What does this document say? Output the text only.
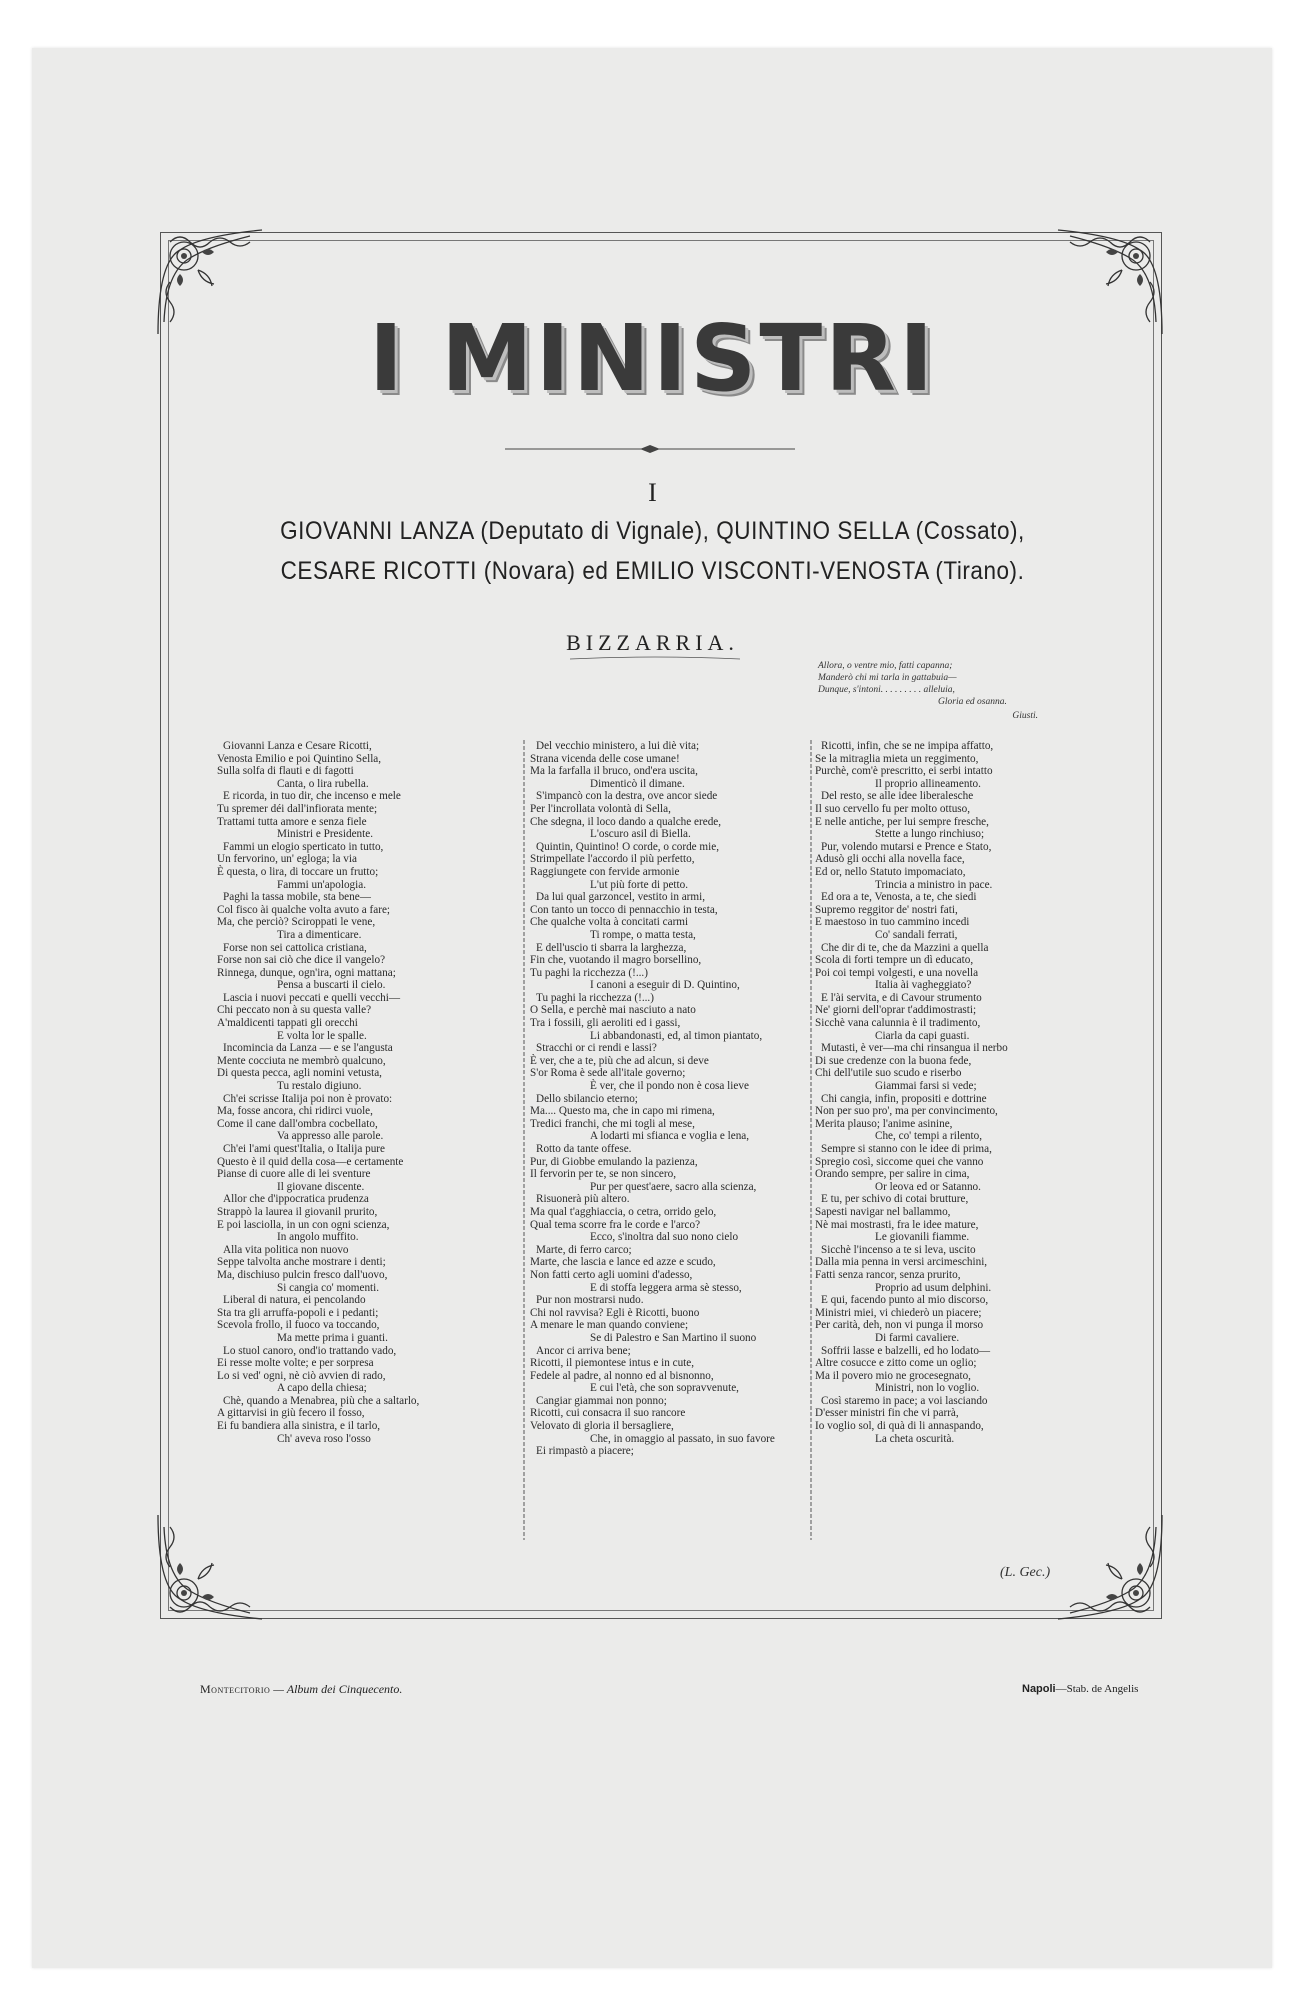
I MINISTRI
I
GIOVANNI LANZA (Deputato di Vignale), QUINTINO SELLA (Cossato),
CESARE RICOTTI (Novara) ed EMILIO VISCONTI-VENOSTA (Tirano).
BIZZARRIA.
Allora, o ventre mio, fatti capanna;
Manderò chi mi tarla in gattabuia—
Dunque, s'intoni. . . . . . . . . alleluia,
Gloria ed osanna.
Giusti.

Giovanni Lanza e Cesare Ricotti,

Venosta Emilio e poi Quintino Sella,

Sulla solfa di flauti e di fagotti

Canta, o lira rubella.

E ricorda, in tuo dir, che incenso e mele

Tu spremer déi dall'infiorata mente;

Trattami tutta amore e senza fiele

Ministri e Presidente.

Fammi un elogio sperticato in tutto,

Un fervorino, un' egloga; la via

È questa, o lira, di toccare un frutto;

Fammi un'apologia.

Paghi la tassa mobile, sta bene—

Col fisco ài qualche volta avuto a fare;

Ma, che perciò? Sciroppati le vene,

Tira a dimenticare.

Forse non sei cattolica cristiana,

Forse non sai ciò che dice il vangelo?

Rinnega, dunque, ogn'ira, ogni mattana;

Pensa a buscarti il cielo.

Lascia i nuovi peccati e quelli vecchi—

Chi peccato non à su questa valle?

A'maldicenti tappati gli orecchi

E volta lor le spalle.

Incomincia da Lanza — e se l'angusta

Mente cocciuta ne membrò qualcuno,

Di questa pecca, agli nomini vetusta,

Tu restalo digiuno.

Ch'ei scrisse Italija poi non è provato:

Ma, fosse ancora, chi ridirci vuole,

Come il cane dall'ombra cocbellato,

Va appresso alle parole.

Ch'ei l'ami quest'Italia, o Italija pure

Questo è il quid della cosa—e certamente

Pianse di cuore alle di lei sventure

Il giovane discente.

Allor che d'ippocratica prudenza

Strappò la laurea il giovanil prurito,

E poi lasciolla, in un con ogni scienza,

In angolo muffito.

Alla vita politica non nuovo

Seppe talvolta anche mostrare i denti;

Ma, dischiuso pulcin fresco dall'uovo,

Si cangia co' momenti.

Liberal di natura, ei pencolando

Sta tra gli arruffa-popoli e i pedanti;

Scevola frollo, il fuoco va toccando,

Ma mette prima i guanti.

Lo stuol canoro, ond'io trattando vado,

Ei resse molte volte; e per sorpresa

Lo si ved' ogni, nè ciò avvien di rado,

A capo della chiesa;

Chè, quando a Menabrea, più che a saltarlo,

A gittarvisi in giù fecero il fosso,

Ei fu bandiera alla sinistra, e il tarlo,

Ch' aveva roso l'osso

Del vecchio ministero, a lui diè vita;

Strana vicenda delle cose umane!

Ma la farfalla il bruco, ond'era uscita,

Dimenticò il dimane.

S'impancò con la destra, ove ancor siede

Per l'incrollata volontà di Sella,

Che sdegna, il loco dando a qualche erede,

L'oscuro asil di Biella.

Quintin, Quintino! O corde, o corde mie,

Strimpellate l'accordo il più perfetto,

Raggiungete con fervide armonie

L'ut più forte di petto.

Da lui qual garzoncel, vestito in armi,

Con tanto un tocco di pennacchio in testa,

Che qualche volta à concitati carmi

Ti rompe, o matta testa,

E dell'uscio ti sbarra la larghezza,

Fin che, vuotando il magro borsellino,

Tu paghi la ricchezza (!...)

I canoni a eseguir di D. Quintino,

Tu paghi la ricchezza (!...)

O Sella, e perchè mai nasciuto a nato

Tra i fossili, gli aeroliti ed i gassi,

Li abbandonasti, ed, al timon piantato,

Stracchi or ci rendi e lassi?

È ver, che a te, più che ad alcun, si deve

S'or Roma è sede all'itale governo;

È ver, che il pondo non è cosa lieve

Dello sbilancio eterno;

Ma.... Questo ma, che in capo mi rimena,

Tredici franchi, che mi togli al mese,

A lodarti mi sfianca e voglia e lena,

Rotto da tante offese.

Pur, di Giobbe emulando la pazienza,

Il fervorin per te, se non sincero,

Pur per quest'aere, sacro alla scienza,

Risuonerà più altero.

Ma qual t'agghiaccia, o cetra, orrido gelo,

Qual tema scorre fra le corde e l'arco?

Ecco, s'inoltra dal suo nono cielo

Marte, di ferro carco;

Marte, che lascia e lance ed azze e scudo,

Non fatti certo agli uomini d'adesso,

E di stoffa leggera arma sè stesso,

Pur non mostrarsi nudo.

Chi nol ravvisa? Egli è Ricotti, buono

A menare le man quando conviene;

Se di Palestro e San Martino il suono

Ancor ci arriva bene;

Ricotti, il piemontese intus e in cute,

Fedele al padre, al nonno ed al bisnonno,

E cui l'età, che son sopravvenute,

Cangiar giammai non ponno;

Ricotti, cui consacra il suo rancore

Velovato di gloria il bersagliere,

Che, in omaggio al passato, in suo favore

Ei rimpastò a piacere;

Ricotti, infin, che se ne impipa affatto,

Se la mitraglia mieta un reggimento,

Purchè, com'è prescritto, ei serbi intatto

Il proprio allineamento.

Del resto, se alle idee liberalesche

Il suo cervello fu per molto ottuso,

E nelle antiche, per lui sempre fresche,

Stette a lungo rinchiuso;

Pur, volendo mutarsi e Prence e Stato,

Adusò gli occhi alla novella face,

Ed or, nello Statuto impomaciato,

Trincia a ministro in pace.

Ed ora a te, Venosta, a te, che siedi

Supremo reggitor de' nostri fati,

E maestoso in tuo cammino incedi

Co' sandali ferrati,

Che dir di te, che da Mazzini a quella

Scola di forti tempre un dì educato,

Poi coi tempi volgesti, e una novella

Italia ài vagheggiato?

E l'ài servita, e di Cavour strumento

Ne' giorni dell'oprar t'addimostrasti;

Sicchè vana calunnia è il tradimento,

Ciarla da capi guasti.

Mutasti, è ver—ma chi rinsangua il nerbo

Di sue credenze con la buona fede,

Chi dell'utile suo scudo e riserbo

Giammai farsi si vede;

Chi cangia, infin, propositi e dottrine

Non per suo pro', ma per convincimento,

Merita plauso; l'anime asinine,

Che, co' tempi a rilento,

Sempre si stanno con le idee di prima,

Spregio così, siccome quei che vanno

Orando sempre, per salire in cima,

Or leova ed or Satanno.

E tu, per schivo di cotai brutture,

Sapesti navigar nel ballammo,

Nè mai mostrasti, fra le idee mature,

Le giovanili fiamme.

Sicchè l'incenso a te si leva, uscito

Dalla mia penna in versi arcimeschini,

Fatti senza rancor, senza prurito,

Proprio ad usum delphini.

E qui, facendo punto al mio discorso,

Ministri miei, vi chiederò un piacere;

Per carità, deh, non vi punga il morso

Di farmi cavaliere.

Soffrii lasse e balzelli, ed ho lodato—

Altre cosucce e zitto come un oglio;

Ma il povero mio ne grocesegnato,

Ministri, non lo voglio.

Così staremo in pace; a voi lasciando

D'esser ministri fin che vi parrà,

Io voglio sol, di quà di li annaspando,

La cheta oscurità.

(L. Gec.)
Montecitorio — Album dei Cinquecento.	Napoli—Stab. de Angelis
